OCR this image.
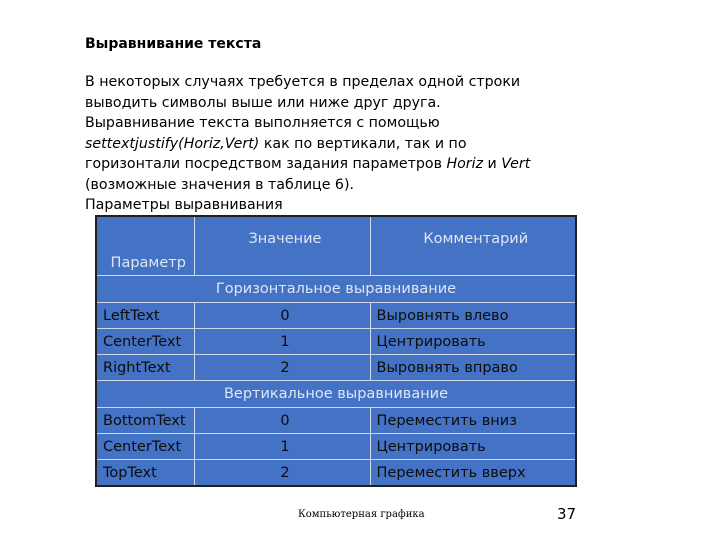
Выравнивание текста
В некоторых случаях требуется в пределах одной строки
выводить символы выше или ниже друг друга.
Выравнивание текста выполняется с помощью
settextjustify(Horiz,Vert) как по вертикали, так и по
горизонтали посредством задания параметров Horiz и Vert
(возможные значения в таблице 6).
Параметры выравнивания
Параметр	Значение	Комментарий
Горизонтальное выравнивание		
LeftText	0	Выровнять влево
CenterText	1	Центрировать
RightText	2	Выровнять вправо
Вертикальное выравнивание		
BottomText	0	Переместить вниз
CenterText	1	Центрировать
TopText	2	Переместить вверх
Компьютерная графика	37
